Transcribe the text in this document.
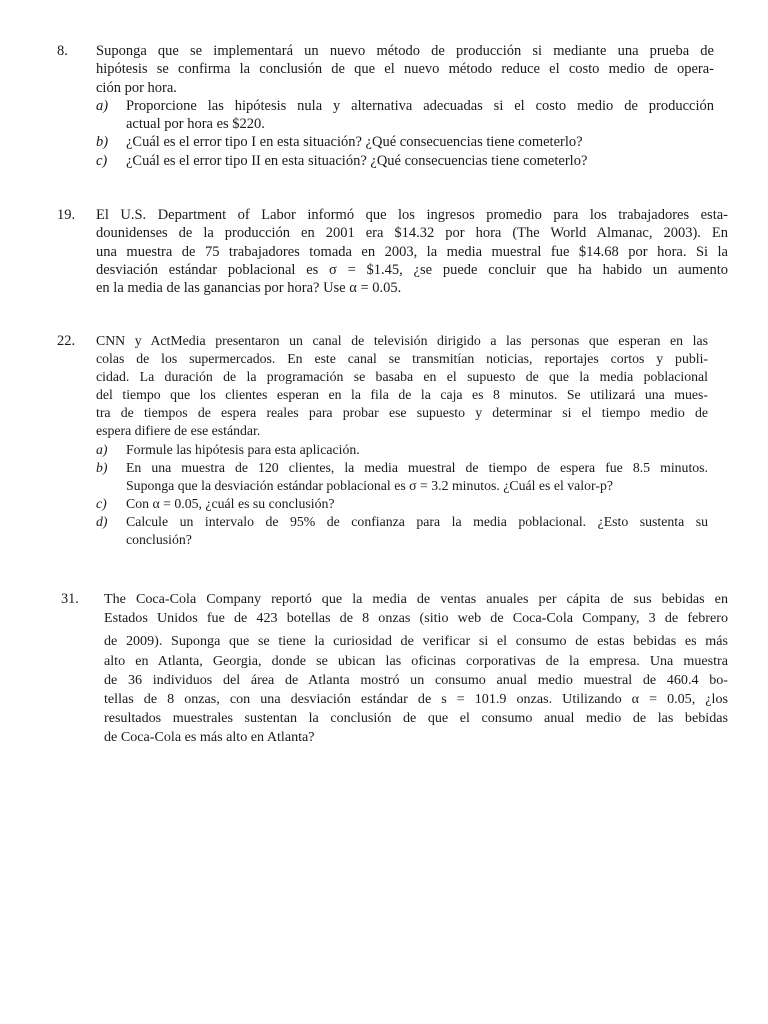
8. Suponga que se implementará un nuevo método de producción si mediante una prueba de
hipótesis se confirma la conclusión de que el nuevo método reduce el costo medio de opera-
ción por hora.
a)	Proporcione las hipótesis nula y alternativa adecuadas si el costo medio de producción
actual por hora es $220.
b)	¿Cuál es el error tipo I en esta situación? ¿Qué consecuencias tiene cometerlo?
c)	¿Cuál es el error tipo II en esta situación? ¿Qué consecuencias tiene cometerlo?
19. El U.S. Department of Labor informó que los ingresos promedio para los trabajadores esta-
dounidenses de la producción en 2001 era $14.32 por hora (The World Almanac, 2003). En
una muestra de 75 trabajadores tomada en 2003, la media muestral fue $14.68 por hora. Si la
desviación estándar poblacional es σ = $1.45, ¿se puede concluir que ha habido un aumento
en la media de las ganancias por hora? Use α = 0.05.
22. CNN y ActMedia presentaron un canal de televisión dirigido a las personas que esperan en las
colas de los supermercados. En este canal se transmitían noticias, reportajes cortos y publi-
cidad. La duración de la programación se basaba en el supuesto de que la media poblacional
del tiempo que los clientes esperan en la fila de la caja es 8 minutos. Se utilizará una mues-
tra de tiempos de espera reales para probar ese supuesto y determinar si el tiempo medio de
espera difiere de ese estándar.
a)	Formule las hipótesis para esta aplicación.
b)	En una muestra de 120 clientes, la media muestral de tiempo de espera fue 8.5 minutos.
Suponga que la desviación estándar poblacional es σ = 3.2 minutos. ¿Cuál es el valor-p?
c)	Con α = 0.05, ¿cuál es su conclusión?
d)	Calcule un intervalo de 95% de confianza para la media poblacional. ¿Esto sustenta su
conclusión?
31. The Coca-Cola Company reportó que la media de ventas anuales per cápita de sus bebidas en
Estados Unidos fue de 423 botellas de 8 onzas (sitio web de Coca-Cola Company, 3 de febrero
de 2009). Suponga que se tiene la curiosidad de verificar si el consumo de estas bebidas es más
alto en Atlanta, Georgia, donde se ubican las oficinas corporativas de la empresa. Una muestra
de 36 individuos del área de Atlanta mostró un consumo anual medio muestral de 460.4 bo-
tellas de 8 onzas, con una desviación estándar de s = 101.9 onzas. Utilizando α = 0.05, ¿los
resultados muestrales sustentan la conclusión de que el consumo anual medio de las bebidas
de Coca-Cola es más alto en Atlanta?
